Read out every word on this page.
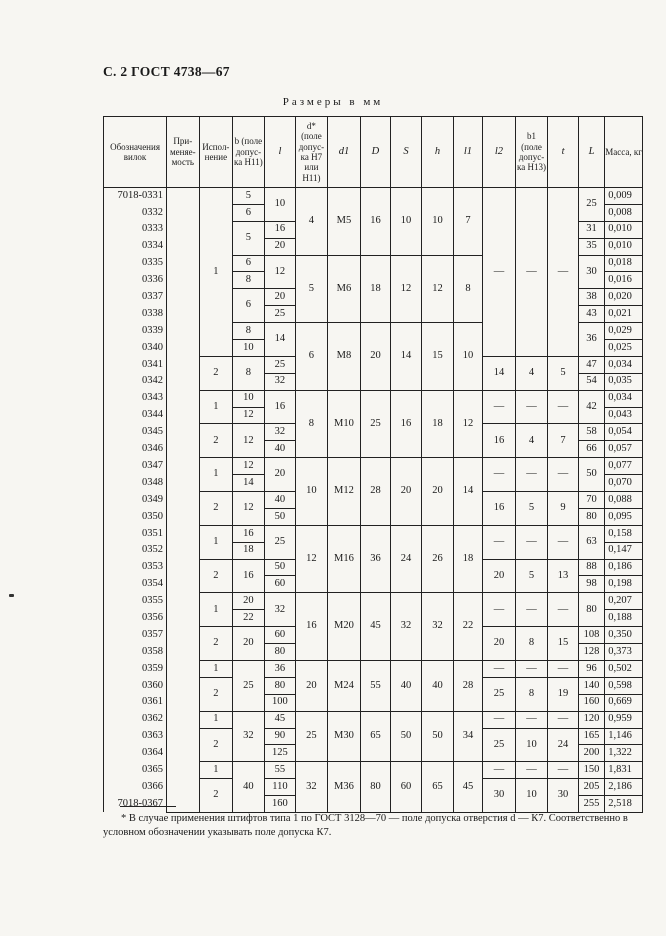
С. 2 ГОСТ 4738—67
Размеры в мм
Обозначения вилок	При- меняе- мость	Испол- нение	b (поле допус- ка H11)	l	d* (поле допус- ка H7 или H11)	d1	D	S	h	l1	l2	b1 (поле допус- ка H13)	t	L	Масса, кг
7018-0331		1	5	10	4	M5	16	10	10	7	—	—	—	25	0,009
0332			6												0,008
0333			5	16										31	0,010
0334				20										35	0,010
0335			6	12	5	M6	18	12	12	8				30	0,018
0336			8												0,016
0337			6	20										38	0,020
0338				25										43	0,021
0339			8	14	6	M8	20	14	15	10				36	0,029
0340			10												0,025
0341		2	8	25							14	4	5	47	0,034
0342				32										54	0,035
0343		1	10	16	8	M10	25	16	18	12	—	—	—	42	0,034
0344			12												0,043
0345		2	12	32							16	4	7	58	0,054
0346				40										66	0,057
0347		1	12	20	10	M12	28	20	20	14	—	—	—	50	0,077
0348			14												0,070
0349		2	12	40							16	5	9	70	0,088
0350				50										80	0,095
0351		1	16	25	12	M16	36	24	26	18	—	—	—	63	0,158
0352			18												0,147
0353		2	16	50							20	5	13	88	0,186
0354				60										98	0,198
0355		1	20	32	16	M20	45	32	32	22	—	—	—	80	0,207
0356			22												0,188
0357		2	20	60							20	8	15	108	0,350
0358				80										128	0,373
0359		1	25	36	20	M24	55	40	40	28	—	—	—	96	0,502
0360		2		80							25	8	19	140	0,598
0361				100										160	0,669
0362		1	32	45	25	M30	65	50	50	34	—	—	—	120	0,959
0363		2		90							25	10	24	165	1,146
0364				125										200	1,322
0365		1	40	55	32	M36	80	60	65	45	—	—	—	150	1,831
0366		2		110							30	10	30	205	2,186
7018-0367				160										255	2,518
* В случае применения штифтов типа 1 по ГОСТ 3128—70 — поле допуска отверстия d — К7. Соответственно в условном обозначении указывать поле допуска К7.
